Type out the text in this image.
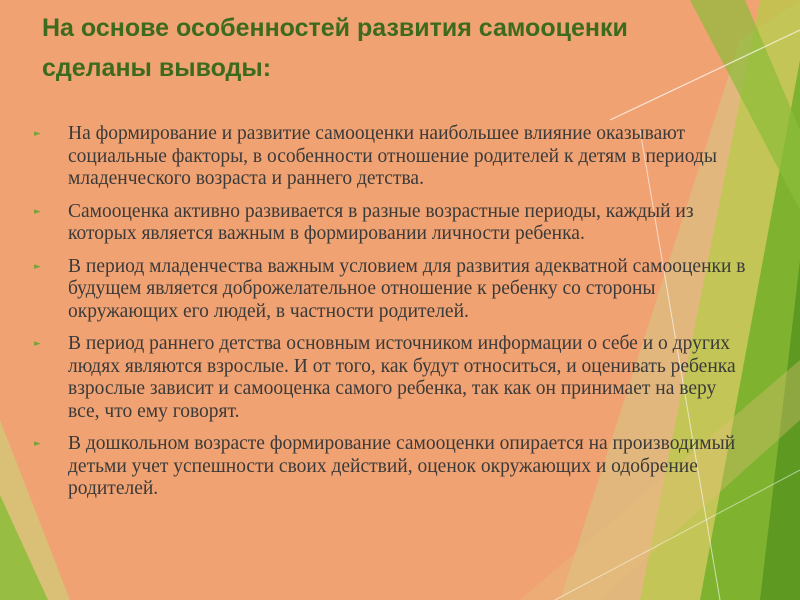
На основе особенностей развития самооценки сделаны выводы:
► На формирование и развитие самооценки наибольшее влияние оказывают социальные факторы, в особенности отношение родителей к детям в периоды младенческого возраста и раннего детства.
► Самооценка активно развивается в разные возрастные периоды, каждый из которых является важным в формировании личности ребенка.
► В период младенчества важным условием для развития адекватной самооценки в будущем является доброжелательное отношение к ребенку со стороны окружающих его людей, в частности родителей.
► В период раннего детства основным источником информации о себе и о других людях являются взрослые. И от того, как будут относиться, и оценивать ребенка взрослые зависит и самооценка самого ребенка, так как он принимает на веру все, что ему говорят.
► В дошкольном возрасте формирование самооценки опирается на производимый детьми учет успешности своих действий, оценок окружающих и одобрение родителей.
